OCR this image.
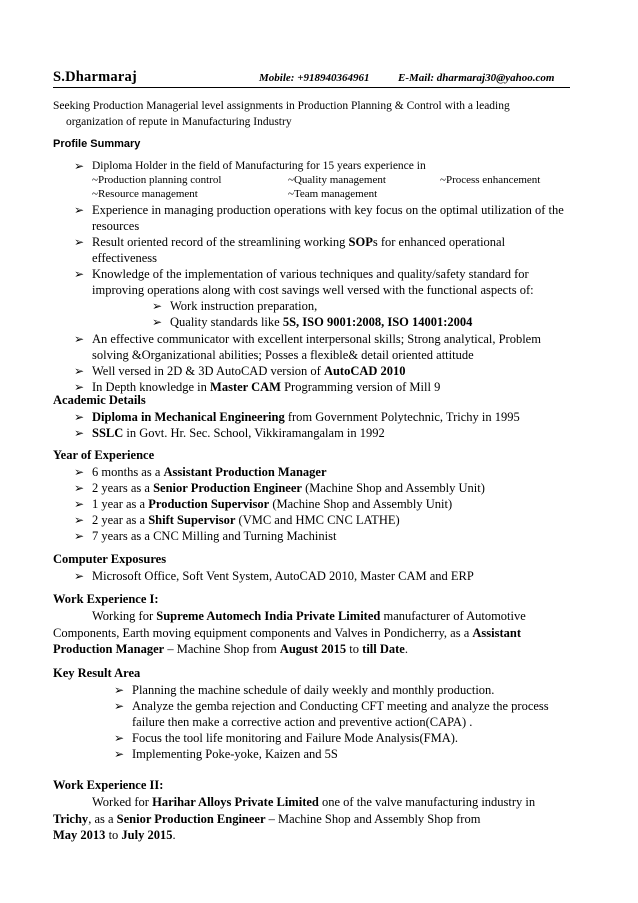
S.Dharmaraj	Mobile: +918940364961	E-Mail: dharmaraj30@yahoo.com
Seeking Production Managerial level assignments in Production Planning & Control with a leading
organization of repute in Manufacturing Industry
Profile Summary
➢ Diploma Holder in the field of Manufacturing for 15 years experience in
~Production planning control	~Quality management	~Process enhancement
~Resource management	~Team management
➢ Experience in managing production operations with key focus on the optimal utilization of the
resources
➢ Result oriented record of the streamlining working SOPs for enhanced operational
effectiveness
➢ Knowledge of the implementation of various techniques and quality/safety standard for
improving operations along with cost savings well versed with the functional aspects of:
➢ Work instruction preparation,
➢ Quality standards like 5S, ISO 9001:2008, ISO 14001:2004
➢ An effective communicator with excellent interpersonal skills; Strong analytical, Problem
solving &Organizational abilities; Posses a flexible& detail oriented attitude
➢ Well versed in 2D & 3D AutoCAD version of AutoCAD 2010
➢ In Depth knowledge in Master CAM Programming version of Mill 9
Academic Details
➢ Diploma in Mechanical Engineering from Government Polytechnic, Trichy in 1995
➢ SSLC in Govt. Hr. Sec. School, Vikkiramangalam in 1992
Year of Experience
➢ 6 months as a Assistant Production Manager
➢ 2 years as a Senior Production Engineer (Machine Shop and Assembly Unit)
➢ 1 year as a Production Supervisor (Machine Shop and Assembly Unit)
➢ 2 year as a Shift Supervisor (VMC and HMC CNC LATHE)
➢ 7 years as a CNC Milling and Turning Machinist
Computer Exposures
➢ Microsoft Office, Soft Vent System, AutoCAD 2010, Master CAM and ERP
Work Experience I:
Working for Supreme Automech India Private Limited manufacturer of Automotive
Components, Earth moving equipment components and Valves in Pondicherry, as a Assistant
Production Manager – Machine Shop from August 2015 to till Date.
Key Result Area
➢ Planning the machine schedule of daily weekly and monthly production.
➢ Analyze the gemba rejection and Conducting CFT meeting and analyze the process
failure then make a corrective action and preventive action(CAPA) .
➢ Focus the tool life monitoring and Failure Mode Analysis(FMA).
➢ Implementing Poke-yoke, Kaizen and 5S
Work Experience II:
Worked for Harihar Alloys Private Limited one of the valve manufacturing industry in
Trichy, as a Senior Production Engineer – Machine Shop and Assembly Shop from
May 2013 to July 2015.
